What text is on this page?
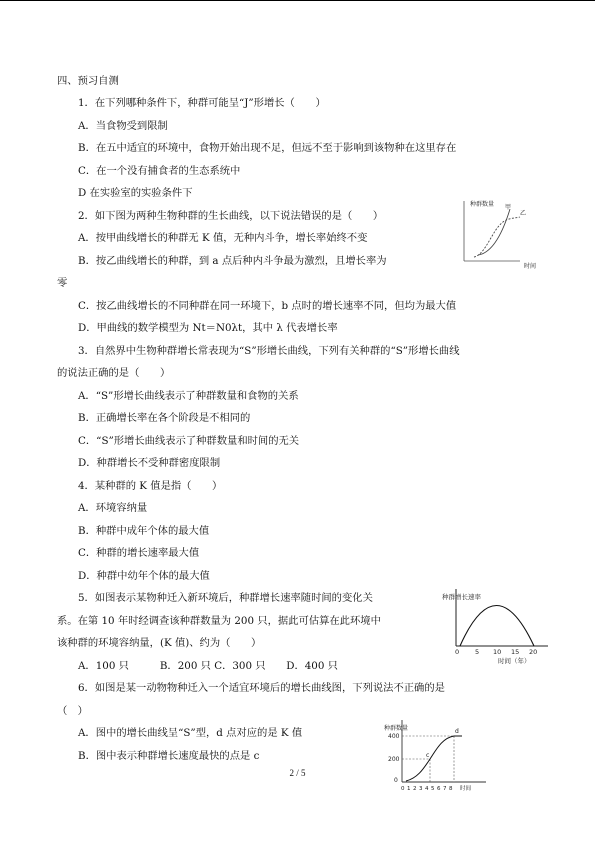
四、预习自测
1．在下列哪种条件下，种群可能呈“J”形增长（　　）
A．当食物受到限制
B．在五中适宜的环境中，食物开始出现不足，但远不至于影响到该物种在这里存在
C．在一个没有捕食者的生态系统中
D 在实验室的实验条件下
2．如下图为两种生物种群的生长曲线，以下说法错误的是（　　）
A．按甲曲线增长的种群无 K 值，无种内斗争，增长率始终不变
B．按乙曲线增长的种群，到 a 点后种内斗争最为激烈，且增长率为
零
C．按乙曲线增长的不同种群在同一环境下，b 点时的增长速率不同，但均为最大值
D．甲曲线的数学模型为 Nt＝N0λt，其中 λ 代表增长率
3．自然界中生物种群增长常表现为“S”形增长曲线，下列有关种群的“S”形增长曲线
的说法正确的是（　　）
A．“S”形增长曲线表示了种群数量和食物的关系
B．正确增长率在各个阶段是不相同的
C．“S”形增长曲线表示了种群数量和时间的无关
D．种群增长不受种群密度限制
4．某种群的 K 值是指（　　）
A．环境容纳量
B．种群中成年个体的最大值
C．种群的增长速率最大值
D．种群中幼年个体的最大值
5．如图表示某物种迁入新环境后，种群增长速率随时间的变化关
系。在第 10 年时经调查该种群数量为 200 只，据此可估算在此环境中
该种群的环境容纳量，(K 值)、约为（　　）
A．100 只　　　B．200 只 C．300 只　　D．400 只
6．如图是某一动物物种迁入一个适宜环境后的增长曲线图，下列说法不正确的是
（　）
A．图中的增长曲线呈“S”型，d 点对应的是 K 值
B．图中表示种群增长速度最快的点是 c
种群数量 甲
乙
时间
种群增长速率
0 5 10 15 20
时间（年）
种群数量
400
200
0
c
d
0 1 2 3 4 5 6 7 8 时间
2 / 5
